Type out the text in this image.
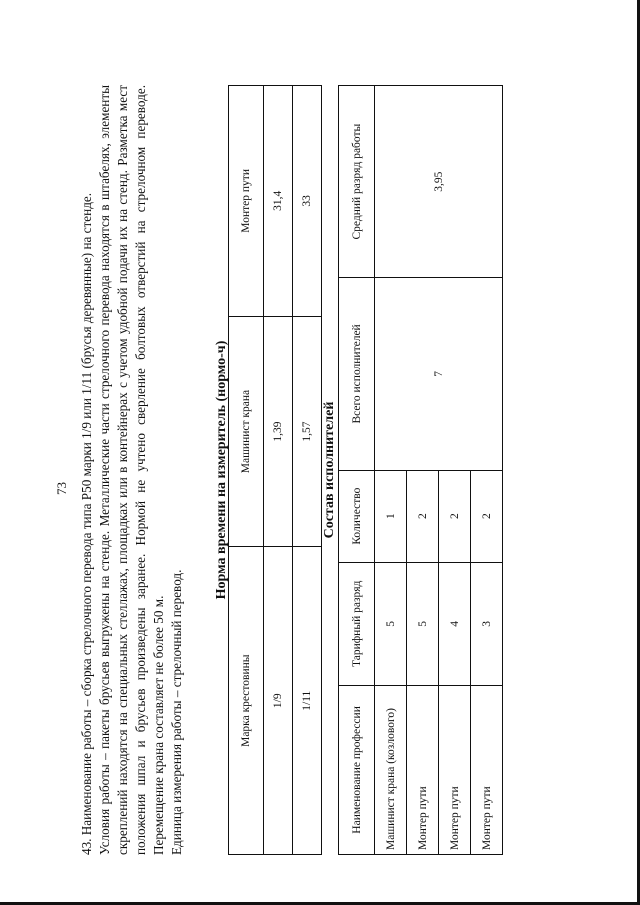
73 43. Наименование работы – сборка стрелочного перевода типа Р50 марки 1/9 или 1/11 (брусья деревянные) на стенде. Условия работы – пакеты брусьев выгружены на стенде. Металлические части стрелочного перевода находятся в штабелях, элементы скреплений находятся на специальных стеллажах, площадках или в контейнерах с учетом удобной подачи их на стенд. Разметка мест положения шпал и брусьев произведены заранее. Нормой не учтено сверление болтовых отверстий на стрелочном переводе. Перемещение крана составляет не более 50 м. Единица измерения работы – стрелочный перевод.

Норма времени на измеритель (нормо-ч)
Марка крестовины	Машинист крана	Монтер пути
1/9	1,39	31,4
1/11	1,57	33
Состав исполнителей
Наименование профессии	Тарифный разряд	Количество	Всего исполнителей	Средний разряд работы
Машинист крана (козлового)	5	1	7	3,95
Монтер пути	5	2		
Монтер пути	4	2		
Монтер пути	3	2		
